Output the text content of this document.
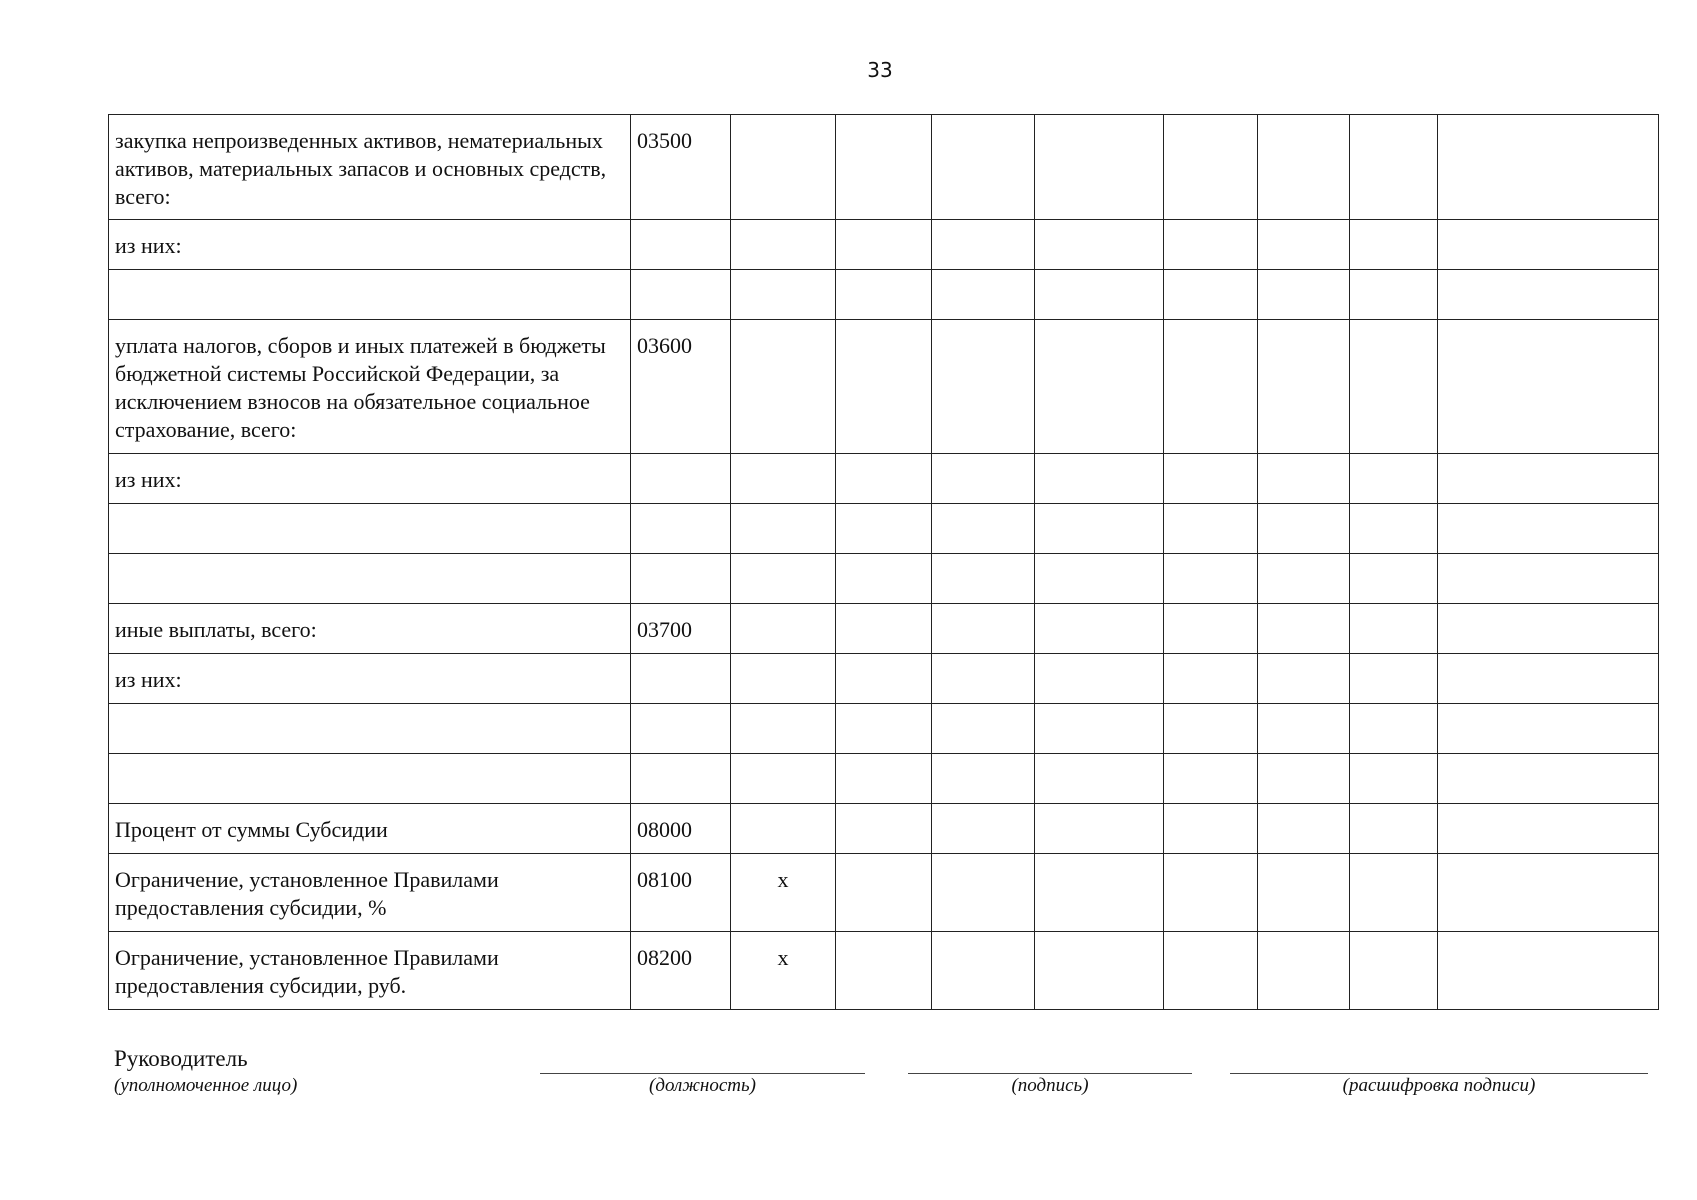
33
закупка непроизведенных активов, нематериальных активов, материальных запасов и основных средств, всего:	03500								
из них:									

уплата налогов, сборов и иных платежей в бюджеты бюджетной системы Российской Федерации, за исключением взносов на обязательное социальное страхование, всего:	03600								
из них:									

иные выплаты, всего:	03700								
из них:									

Процент от суммы Субсидии	08000								
Ограничение, установленное Правилами предоставления субсидии, %	08100	x							
Ограничение, установленное Правилами предоставления субсидии, руб.	08200	x							
Руководитель
(уполномоченное лицо)	(должность)	(подпись)	(расшифровка подписи)
